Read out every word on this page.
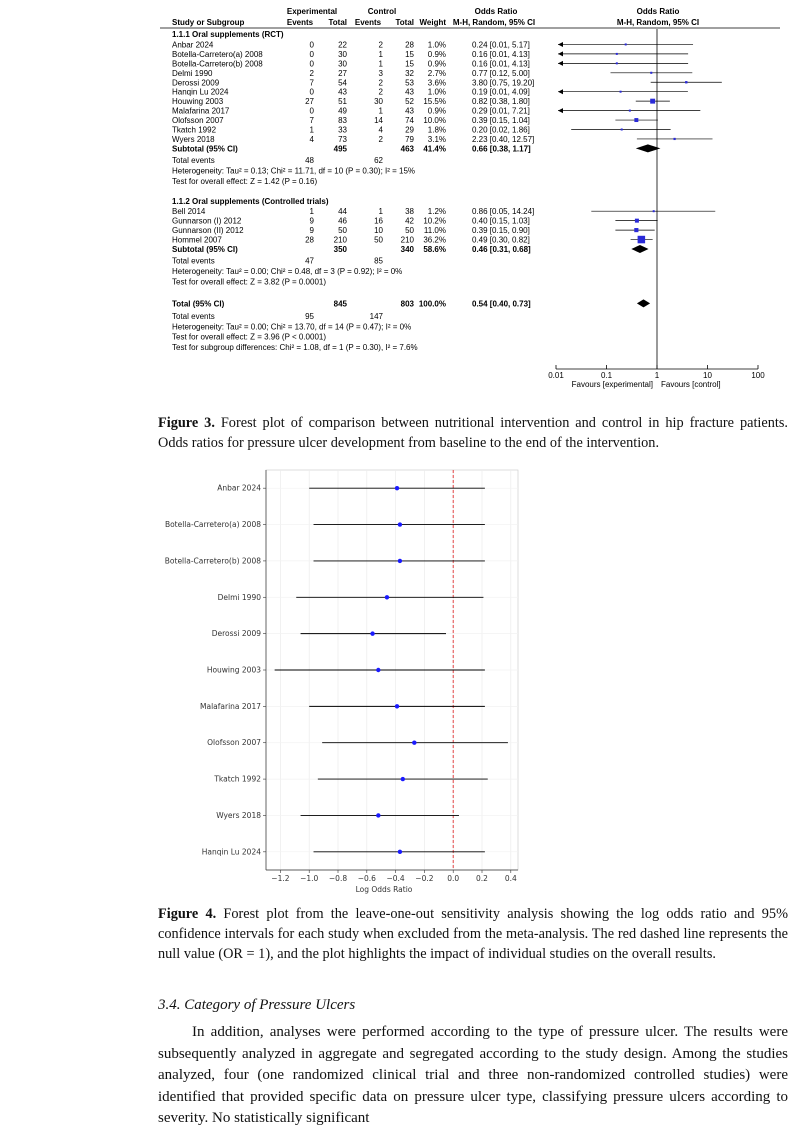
Experimental	Control	Odds Ratio	Odds Ratio
Study or Subgroup	Events Total Events Total Weight M-H, Random, 95% CI	M-H, Random, 95% CI
1.1.1 Oral supplements (RCT)
Anbar 2024	0	22	2	28 1.0%	0.24 [0.01, 5.17]
Botella-Carretero(a) 2008	0	30	1	15 0.9%	0.16 [0.01, 4.13]
Botella-Carretero(b) 2008	0	30	1	15 0.9%	0.16 [0.01, 4.13]
Delmi 1990	2	27	3	32 2.7%	0.77 [0.12, 5.00]
Derossi 2009	7	54	2	53 3.6%	3.80 [0.75, 19.20]
Hanqin Lu 2024	0	43	2	43 1.0%	0.19 [0.01, 4.09]
Houwing 2003	27	51	30	52 15.5%	0.82 [0.38, 1.80]
Malafarina 2017	0	49	1	43 0.9%	0.29 [0.01, 7.21]
Olofsson 2007	7	83	14	74 10.0%	0.39 [0.15, 1.04]
Tkatch 1992	1	33	4	29 1.8%	0.20 [0.02, 1.86]
Wyers 2018	4	73	2	79 3.1%	2.23 [0.40, 12.57]
Subtotal (95% CI)	495	463 41.4%	0.66 [0.38, 1.17]
Total events	48	62
Heterogeneity: Tau² = 0.13; Chi² = 11.71, df = 10 (P = 0.30); I² = 15%
Test for overall effect: Z = 1.42 (P = 0.16)
1.1.2 Oral supplements (Controlled trials)
Bell 2014	1	44	1	38 1.2%	0.86 [0.05, 14.24]
Gunnarson (I) 2012	9	46	16	42 10.2%	0.40 [0.15, 1.03]
Gunnarson (II) 2012	9	50	10	50 11.0%	0.39 [0.15, 0.90]
Hommel 2007	28 210	50 210 36.2%	0.49 [0.30, 0.82]
Subtotal (95% CI)	350	340 58.6%	0.46 [0.31, 0.68]
Total events	47	85
Heterogeneity: Tau² = 0.00; Chi² = 0.48, df = 3 (P = 0.92); I² = 0%
Test for overall effect: Z = 3.82 (P = 0.0001)
Total (95% CI)	845	803 100.0%	0.54 [0.40, 0.73]
Total events	95	147
Heterogeneity: Tau² = 0.00; Chi² = 13.70, df = 14 (P = 0.47); I² = 0%
Test for overall effect: Z = 3.96 (P < 0.0001)
Test for subgroup differences: Chi² = 1.08, df = 1 (P = 0.30), I² = 7.6%
0.01	0.1	1	10	100
Favours [experimental] Favours [control]
Figure 3. Forest plot of comparison between nutritional intervention and control in hip fracture patients. Odds ratios for pressure ulcer development from baseline to the end of the intervention.
−1.2 −1.0 −0.8 −0.6 −0.4 −0.2 0.0 0.2 0.4
Anbar 2024
Botella-Carretero(a) 2008
Botella-Carretero(b) 2008
Delmi 1990
Derossi 2009
Houwing 2003
Malafarina 2017
Olofsson 2007
Tkatch 1992
Wyers 2018
Hanqin Lu 2024
Log Odds Ratio
Figure 4. Forest plot from the leave-one-out sensitivity analysis showing the log odds ratio and 95% confidence intervals for each study when excluded from the meta-analysis. The red dashed line represents the null value (OR = 1), and the plot highlights the impact of individual studies on the overall results.
3.4. Category of Pressure Ulcers
In addition, analyses were performed according to the type of pressure ulcer. The results were subsequently analyzed in aggregate and segregated according to the study design. Among the studies analyzed, four (one randomized clinical trial and three non-randomized controlled studies) were identified that provided specific data on pressure ulcer type, classifying pressure ulcers according to severity. No statistically significant
